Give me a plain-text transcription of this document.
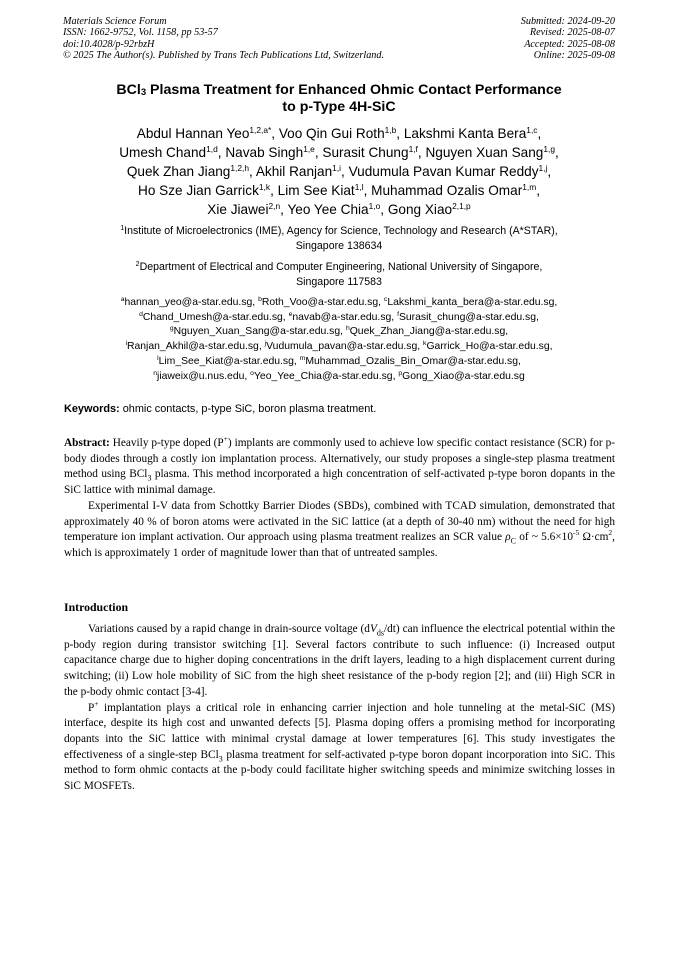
Materials Science Forum
ISSN: 1662-9752, Vol. 1158, pp 53-57
doi:10.4028/p-92rbzH
© 2025 The Author(s). Published by Trans Tech Publications Ltd, Switzerland.
Submitted: 2024-09-20
Revised: 2025-08-07
Accepted: 2025-08-08
Online: 2025-09-08
BCl$_3$ Plasma Treatment for Enhanced Ohmic Contact Performance
to p-Type 4H-SiC
Abdul Hannan Yeo$^{1,2,a*}$, Voo Qin Gui Roth$^{1,b}$, Lakshmi Kanta Bera$^{1,c}$,
Umesh Chand$^{1,d}$, Navab Singh$^{1,e}$, Surasit Chung$^{1,f}$, Nguyen Xuan Sang$^{1,g}$,
Quek Zhan Jiang$^{1,2,h}$, Akhil Ranjan$^{1,i}$, Vudumula Pavan Kumar Reddy$^{1,j}$,
Ho Sze Jian Garrick$^{1,k}$, Lim See Kiat$^{1,l}$, Muhammad Ozalis Omar$^{1,m}$,
Xie Jiawei$^{2,n}$, Yeo Yee Chia$^{1,o}$, Gong Xiao$^{2,1,p}$
$^1$Institute of Microelectronics (IME), Agency for Science, Technology and Research (A*STAR),
Singapore 138634
$^2$Department of Electrical and Computer Engineering, National University of Singapore,
Singapore 117583
$^a$hannan_yeo@a-star.edu.sg, $^b$Roth_Voo@a-star.edu.sg, $^c$Lakshmi_kanta_bera@a-star.edu.sg,
$^d$Chand_Umesh@a-star.edu.sg, $^e$navab@a-star.edu.sg, $^f$Surasit_chung@a-star.edu.sg,
$^g$Nguyen_Xuan_Sang@a-star.edu.sg, $^h$Quek_Zhan_Jiang@a-star.edu.sg,
$^i$Ranjan_Akhil@a-star.edu.sg, $^j$Vudumula_pavan@a-star.edu.sg, $^k$Garrick_Ho@a-star.edu.sg,
$^l$Lim_See_Kiat@a-star.edu.sg, $^m$Muhammad_Ozalis_Bin_Omar@a-star.edu.sg,
$^n$jiaweix@u.nus.edu, $^o$Yeo_Yee_Chia@a-star.edu.sg, $^p$Gong_Xiao@a-star.edu.sg
Keywords: ohmic contacts, p-type SiC, boron plasma treatment.

Abstract: Heavily p-type doped (P+) implants are commonly used to achieve low specific contact resistance (SCR) for p-body diodes through a costly ion implantation process. Alternatively, our study proposes a single-step plasma treatment method using BCl$_3$ plasma. This method incorporated a high concentration of self-activated p-type boron dopants in the SiC lattice with minimal damage.

Experimental I-V data from Schottky Barrier Diodes (SBDs), combined with TCAD simulation, demonstrated that approximately 40 % of boron atoms were activated in the SiC lattice (at a depth of 30-40 nm) without the need for high temperature ion implant activation. Our approach using plasma treatment realizes an SCR value $\rho_C$ of ~ $5.6\times 10^{-5}$ $\Omega\cdot cm^2$, which is approximately 1 order of magnitude lower than that of untreated samples.

Introduction

Variations caused by a rapid change in drain-source voltage $(dV_{ds}/dt)$ can influence the electrical potential within the p-body region during transistor switching [1]. Several factors contribute to such influence: (i) Increased output capacitance charge due to higher doping concentrations in the drift layers, leading to a high displacement current during switching; (ii) Low hole mobility of SiC from the high sheet resistance of the p-body region [2]; and (iii) High SCR in the p-body ohmic contact [3-4].

P+ implantation plays a critical role in enhancing carrier injection and hole tunneling at the metal-SiC (MS) interface, despite its high cost and unwanted defects [5]. Plasma doping offers a promising method for incorporating dopants into the SiC lattice with minimal crystal damage at lower temperatures [6]. This study investigates the effectiveness of a single-step BCl$_3$ plasma treatment for self-activated p-type boron dopant incorporation into SiC. This method to form ohmic contacts at the p-body could facilitate higher switching speeds and minimize switching losses in SiC MOSFETs.
